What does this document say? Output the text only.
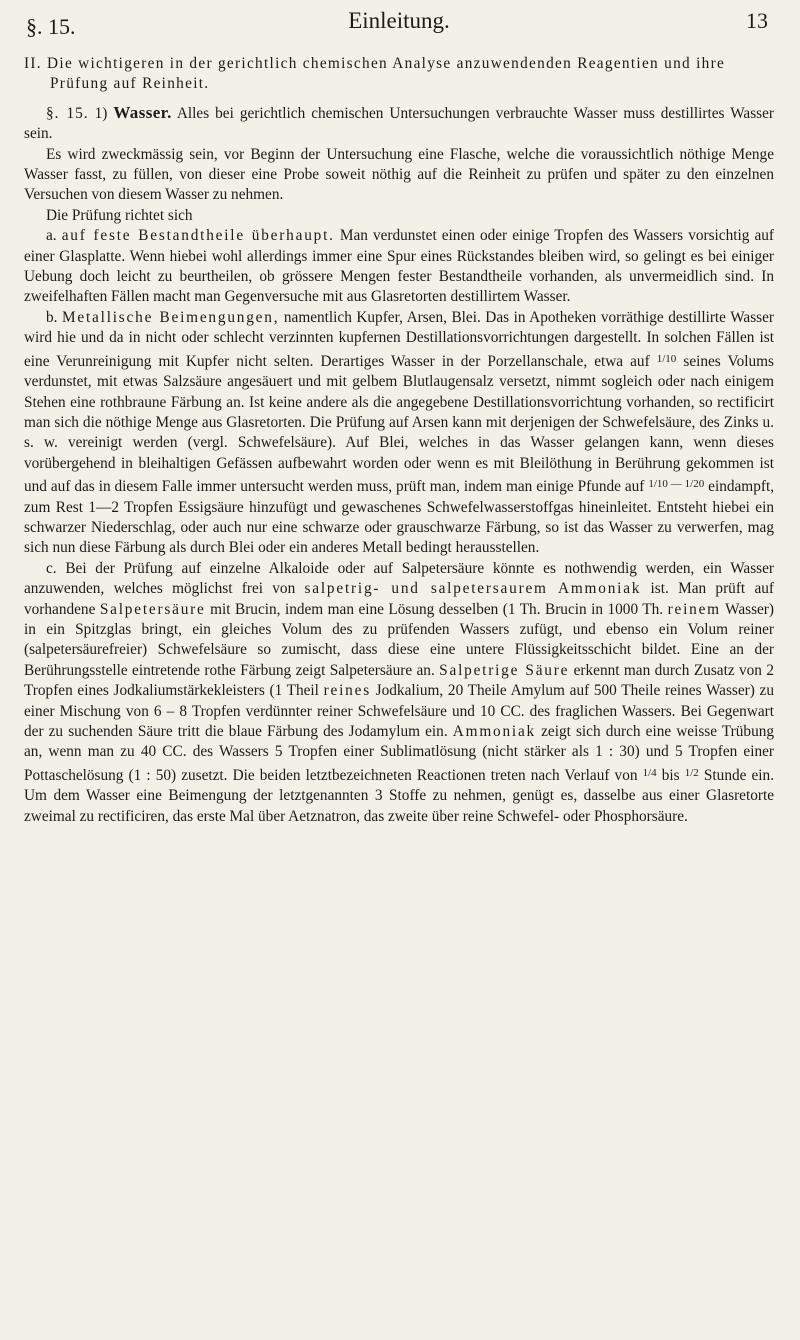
§. 15.	Einleitung.	13
II. Die wichtigeren in der gerichtlich chemischen Analyse anzuwendenden Reagentien und ihre Prüfung auf Reinheit.

§. 15. 1) Wasser. Alles bei gerichtlich chemischen Untersuchungen verbrauchte Wasser muss destillirtes Wasser sein.

Es wird zweckmässig sein, vor Beginn der Untersuchung eine Flasche, welche die voraussichtlich nöthige Menge Wasser fasst, zu füllen, von dieser eine Probe soweit nöthig auf die Reinheit zu prüfen und später zu den einzelnen Versuchen von diesem Wasser zu nehmen.

Die Prüfung richtet sich

a. auf feste Bestandtheile überhaupt. Man verdunstet einen oder einige Tropfen des Wassers vorsichtig auf einer Glasplatte. Wenn hiebei wohl allerdings immer eine Spur eines Rückstandes bleiben wird, so gelingt es bei einiger Uebung doch leicht zu beurtheilen, ob grössere Mengen fester Bestandtheile vorhanden, als unvermeidlich sind. In zweifelhaften Fällen macht man Gegenversuche mit aus Glasretorten destillirtem Wasser.

b. Metallische Beimengungen, namentlich Kupfer, Arsen, Blei. Das in Apotheken vorräthige destillirte Wasser wird hie und da in nicht oder schlecht verzinnten kupfernen Destillationsvorrichtungen dargestellt. In solchen Fällen ist eine Verunreinigung mit Kupfer nicht selten. Derartiges Wasser in der Porzellanschale, etwa auf $^{1/10}$ seines Volums verdunstet, mit etwas Salzsäure angesäuert und mit gelbem Blutlaugensalz versetzt, nimmt sogleich oder nach einigem Stehen eine rothbraune Färbung an. Ist keine andere als die angegebene Destillationsvorrichtung vorhanden, so rectificirt man sich die nöthige Menge aus Glasretorten. Die Prüfung auf Arsen kann mit derjenigen der Schwefelsäure, des Zinks u. s. w. vereinigt werden (vergl. Schwefelsäure). Auf Blei, welches in das Wasser gelangen kann, wenn dieses vorübergehend in bleihaltigen Gefässen aufbewahrt worden oder wenn es mit Bleilöthung in Berührung gekommen ist und auf das in diesem Falle immer untersucht werden muss, prüft man, indem man einige Pfunde auf $^{1/10 — 1/20}$ eindampft, zum Rest 1—2 Tropfen Essigsäure hinzufügt und gewaschenes Schwefelwasserstoffgas hineinleitet. Entsteht hiebei ein schwarzer Niederschlag, oder auch nur eine schwarze oder grauschwarze Färbung, so ist das Wasser zu verwerfen, mag sich nun diese Färbung als durch Blei oder ein anderes Metall bedingt herausstellen.

c. Bei der Prüfung auf einzelne Alkaloide oder auf Salpetersäure könnte es nothwendig werden, ein Wasser anzuwenden, welches möglichst frei von salpetrig- und salpetersaurem Ammoniak ist. Man prüft auf vorhandene Salpetersäure mit Brucin, indem man eine Lösung desselben (1 Th. Brucin in 1000 Th. reinem Wasser) in ein Spitzglas bringt, ein gleiches Volum des zu prüfenden Wassers zufügt, und ebenso ein Volum reiner (salpetersäurefreier) Schwefelsäure so zumischt, dass diese eine untere Flüssigkeitsschicht bildet. Eine an der Berührungsstelle eintretende rothe Färbung zeigt Salpetersäure an. Salpetrige Säure erkennt man durch Zusatz von 2 Tropfen eines Jodkaliumstärkekleisters (1 Theil reines Jodkalium, 20 Theile Amylum auf 500 Theile reines Wasser) zu einer Mischung von 6 – 8 Tropfen verdünnter reiner Schwefelsäure und 10 CC. des fraglichen Wassers. Bei Gegenwart der zu suchenden Säure tritt die blaue Färbung des Jodamylum ein. Ammoniak zeigt sich durch eine weisse Trübung an, wenn man zu 40 CC. des Wassers 5 Tropfen einer Sublimatlösung (nicht stärker als 1 : 30) und 5 Tropfen einer Pottaschelösung (1 : 50) zusetzt. Die beiden letztbezeichneten Reactionen treten nach Verlauf von $^{1/4}$ bis $^{1/2}$ Stunde ein. Um dem Wasser eine Beimengung der letztgenannten 3 Stoffe zu nehmen, genügt es, dasselbe aus einer Glasretorte zweimal zu rectificiren, das erste Mal über Aetznatron, das zweite über reine Schwefel- oder Phosphorsäure.
